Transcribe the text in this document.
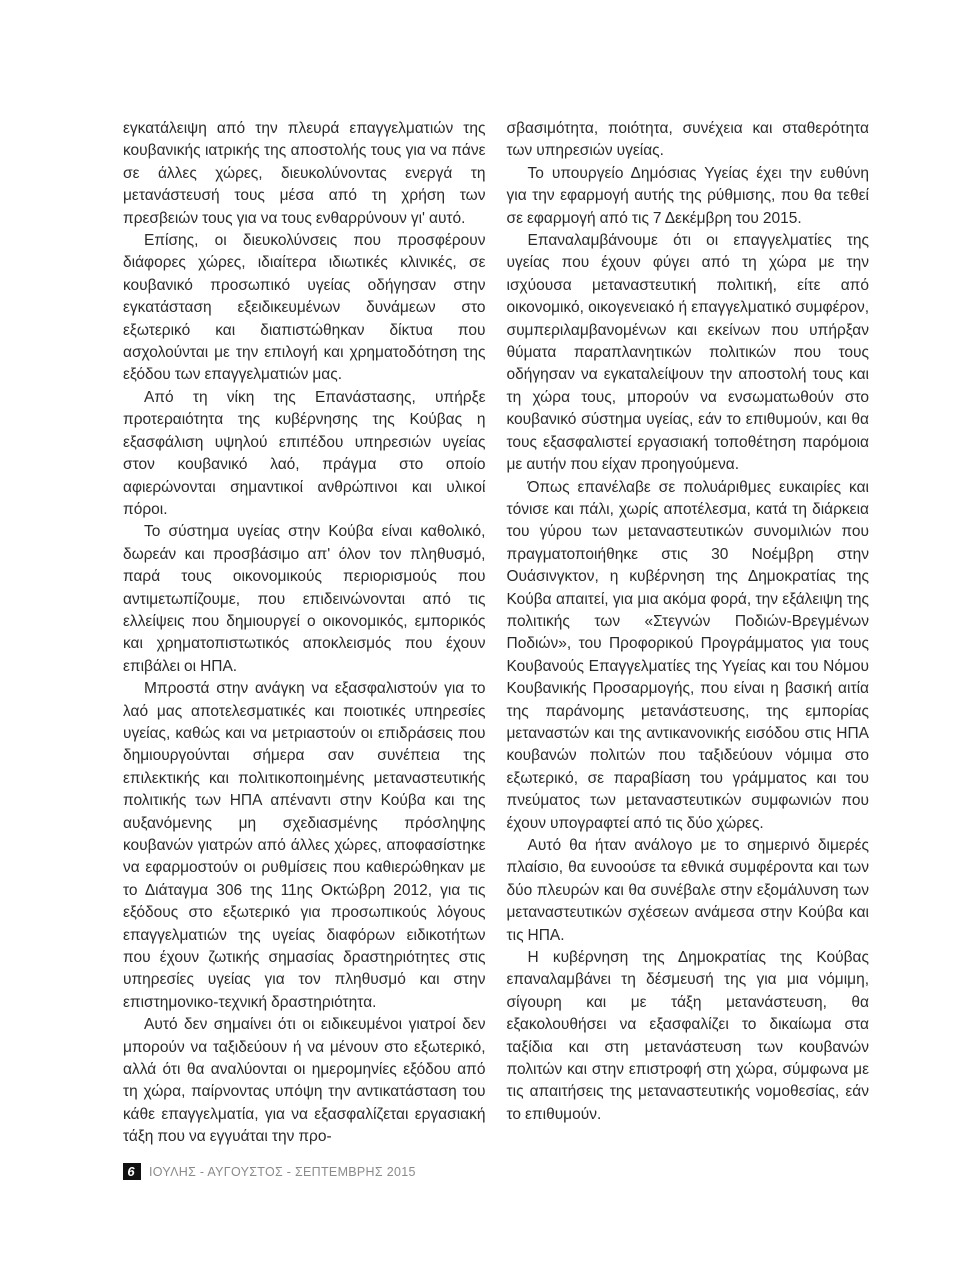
εγκατάλειψη από την πλευρά επαγγελματιών της κουβανικής ιατρικής της αποστολής τους για να πάνε σε άλλες χώρες, διευκολύνοντας ενεργά τη μετανάστευσή τους μέσα από τη χρήση των πρεσβειών τους για να τους ενθαρρύνουν γι' αυτό.

Επίσης, οι διευκολύνσεις που προσφέρουν διάφορες χώρες, ιδιαίτερα ιδιωτικές κλινικές, σε κουβανικό προσωπικό υγείας οδήγησαν στην εγκατάσταση εξειδικευμένων δυνάμεων στο εξωτερικό και διαπιστώθηκαν δίκτυα που ασχολούνται με την επιλογή και χρηματοδότηση της εξόδου των επαγγελματιών μας.

Από τη νίκη της Επανάστασης, υπήρξε προτεραιότητα της κυβέρνησης της Κούβας η εξασφάλιση υψηλού επιπέδου υπηρεσιών υγείας στον κουβανικό λαό, πράγμα στο οποίο αφιερώνονται σημαντικοί ανθρώπινοι και υλικοί πόροι.

Το σύστημα υγείας στην Κούβα είναι καθολικό, δωρεάν και προσβάσιμο απ' όλον τον πληθυσμό, παρά τους οικονομικούς περιορισμούς που αντιμετωπίζουμε, που επιδεινώνονται από τις ελλείψεις που δημιουργεί ο οικονομικός, εμπορικός και χρηματοπιστωτικός αποκλεισμός που έχουν επιβάλει οι ΗΠΑ.

Μπροστά στην ανάγκη να εξασφαλιστούν για το λαό μας αποτελεσματικές και ποιοτικές υπηρεσίες υγείας, καθώς και να μετριαστούν οι επιδράσεις που δημιουργούνται σήμερα σαν συνέπεια της επιλεκτικής και πολιτικοποιημένης μεταναστευτικής πολιτικής των ΗΠΑ απέναντι στην Κούβα και της αυξανόμενης μη σχεδιασμένης πρόσληψης κουβανών γιατρών από άλλες χώρες, αποφασίστηκε να εφαρμοστούν οι ρυθμίσεις που καθιερώθηκαν με το Διάταγμα 306 της 11ης Οκτώβρη 2012, για τις εξόδους στο εξωτερικό για προσωπικούς λόγους επαγγελματιών της υγείας διαφόρων ειδικοτήτων που έχουν ζωτικής σημασίας δραστηριότητες στις υπηρεσίες υγείας για τον πληθυσμό και στην επιστημονικο-τεχνική δραστηριότητα.

Αυτό δεν σημαίνει ότι οι ειδικευμένοι γιατροί δεν μπορούν να ταξιδεύουν ή να μένουν στο εξωτερικό, αλλά ότι θα αναλύονται οι ημερομηνίες εξόδου από τη χώρα, παίρνοντας υπόψη την αντικατάσταση του κάθε επαγγελματία, για να εξασφαλίζεται εργασιακή τάξη που να εγγυάται την προ-

σβασιμότητα, ποιότητα, συνέχεια και σταθερότητα των υπηρεσιών υγείας.

Το υπουργείο Δημόσιας Υγείας έχει την ευθύνη για την εφαρμογή αυτής της ρύθμισης, που θα τεθεί σε εφαρμογή από τις 7 Δεκέμβρη του 2015.

Επαναλαμβάνουμε ότι οι επαγγελματίες της υγείας που έχουν φύγει από τη χώρα με την ισχύουσα μεταναστευτική πολιτική, είτε από οικονομικό, οικογενειακό ή επαγγελματικό συμφέρον, συμπεριλαμβανομένων και εκείνων που υπήρξαν θύματα παραπλανητικών πολιτικών που τους οδήγησαν να εγκαταλείψουν την αποστολή τους και τη χώρα τους, μπορούν να ενσωματωθούν στο κουβανικό σύστημα υγείας, εάν το επιθυμούν, και θα τους εξασφαλιστεί εργασιακή τοποθέτηση παρόμοια με αυτήν που είχαν προηγούμενα.

Όπως επανέλαβε σε πολυάριθμες ευκαιρίες και τόνισε και πάλι, χωρίς αποτέλεσμα, κατά τη διάρκεια του γύρου των μεταναστευτικών συνομιλιών που πραγματοποιήθηκε στις 30 Νοέμβρη στην Ουάσινγκτον, η κυβέρνηση της Δημοκρατίας της Κούβα απαιτεί, για μια ακόμα φορά, την εξάλειψη της πολιτικής των «Στεγνών Ποδιών-Βρεγμένων Ποδιών», του Προφορικού Προγράμματος για τους Κουβανούς Επαγγελματίες της Υγείας και του Νόμου Κουβανικής Προσαρμογής, που είναι η βασική αιτία της παράνομης μετανάστευσης, της εμπορίας μεταναστών και της αντικανονικής εισόδου στις ΗΠΑ κουβανών πολιτών που ταξιδεύουν νόμιμα στο εξωτερικό, σε παραβίαση του γράμματος και του πνεύματος των μεταναστευτικών συμφωνιών που έχουν υπογραφτεί από τις δύο χώρες.

Αυτό θα ήταν ανάλογο με το σημερινό διμερές πλαίσιο, θα ευνοούσε τα εθνικά συμφέροντα και των δύο πλευρών και θα συνέβαλε στην εξομάλυνση των μεταναστευτικών σχέσεων ανάμεσα στην Κούβα και τις ΗΠΑ.

Η κυβέρνηση της Δημοκρατίας της Κούβας επαναλαμβάνει τη δέσμευσή της για μια νόμιμη, σίγουρη και με τάξη μετανάστευση, θα εξακολουθήσει να εξασφαλίζει το δικαίωμα στα ταξίδια και στη μετανάστευση των κουβανών πολιτών και στην επιστροφή στη χώρα, σύμφωνα με τις απαιτήσεις της μεταναστευτικής νομοθεσίας, εάν το επιθυμούν.

6	ΙΟΥΛΗΣ - ΑΥΓΟΥΣΤΟΣ - ΣΕΠΤΕΜΒΡΗΣ 2015
